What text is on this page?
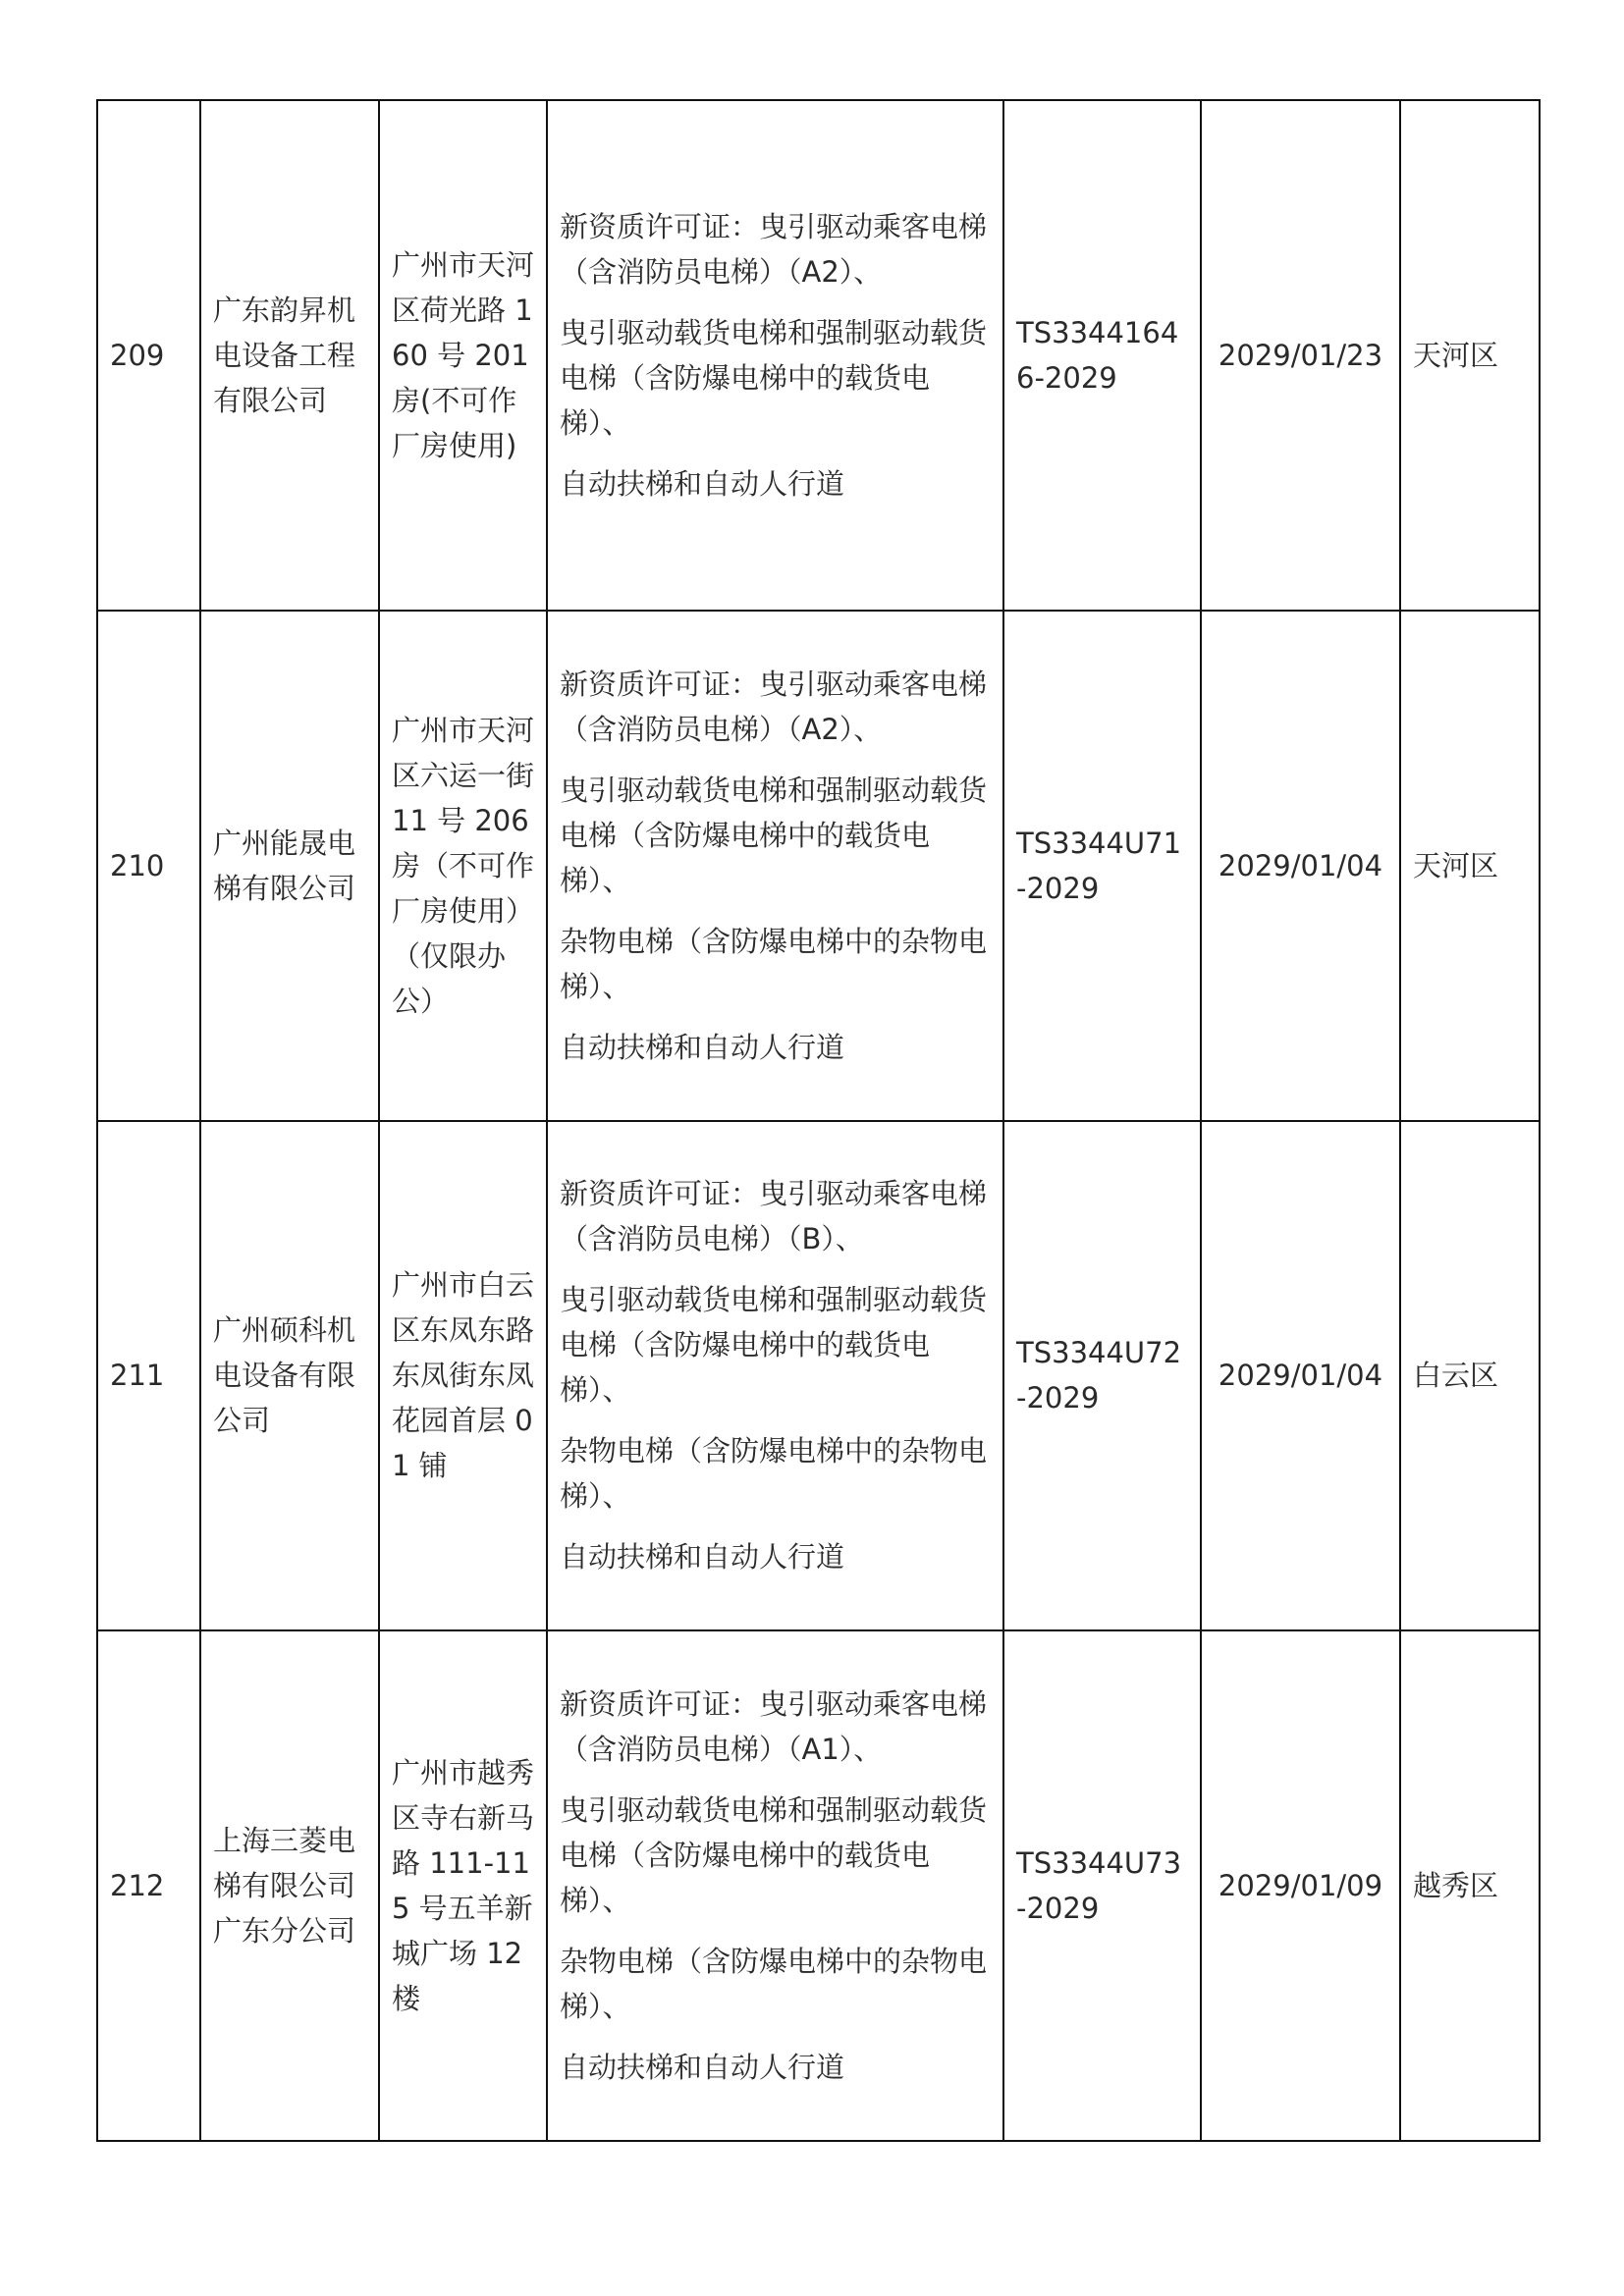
209	广东韵昇机电设备工程有限公司	广州市天河区荷光路 160 号 201房(不可作厂房使用)	新资质许可证：曳引驱动乘客电梯（含消防员电梯）（A2）、
曳引驱动载货电梯和强制驱动载货电梯（含防爆电梯中的载货电梯）、
自动扶梯和自动人行道	TS33441646-2029	2029/01/23	天河区
210	广州能晟电梯有限公司	广州市天河区六运一街 11 号 206 房（不可作厂房使用）（仅限办公）	新资质许可证：曳引驱动乘客电梯（含消防员电梯）（A2）、
曳引驱动载货电梯和强制驱动载货电梯（含防爆电梯中的载货电梯）、
杂物电梯（含防爆电梯中的杂物电梯）、
自动扶梯和自动人行道	TS3344U71-2029	2029/01/04	天河区
211	广州硕科机电设备有限公司	广州市白云区东凤东路东凤街东凤花园首层 01 铺	新资质许可证：曳引驱动乘客电梯（含消防员电梯）（B）、
曳引驱动载货电梯和强制驱动载货电梯（含防爆电梯中的载货电梯）、
杂物电梯（含防爆电梯中的杂物电梯）、
自动扶梯和自动人行道	TS3344U72-2029	2029/01/04	白云区
212	上海三菱电梯有限公司广东分公司	广州市越秀区寺右新马路 111-115 号五羊新城广场 12 楼	新资质许可证：曳引驱动乘客电梯（含消防员电梯）（A1）、
曳引驱动载货电梯和强制驱动载货电梯（含防爆电梯中的载货电梯）、
杂物电梯（含防爆电梯中的杂物电梯）、
自动扶梯和自动人行道	TS3344U73-2029	2029/01/09	越秀区
